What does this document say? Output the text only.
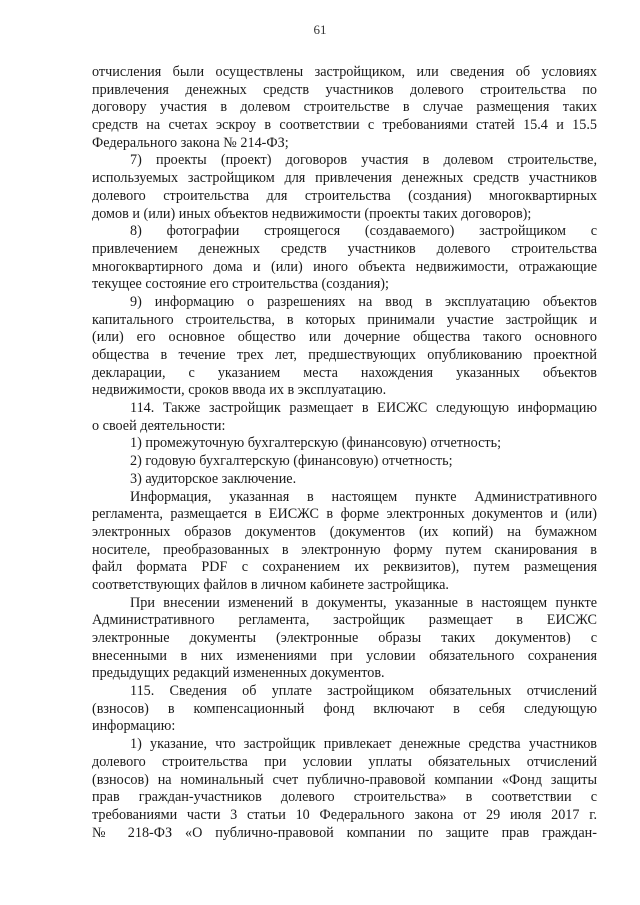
61
отчисления были осуществлены застройщиком, или сведения об условиях
привлечения денежных средств участников долевого строительства по
договору участия в долевом строительстве в случае размещения таких
средств на счетах эскроу в соответствии с требованиями статей 15.4 и 15.5
Федерального закона № 214-ФЗ;
7) проекты (проект) договоров участия в долевом строительстве,
используемых застройщиком для привлечения денежных средств участников
долевого строительства для строительства (создания) многоквартирных
домов и (или) иных объектов недвижимости (проекты таких договоров);
8) фотографии строящегося (создаваемого) застройщиком с
привлечением денежных средств участников долевого строительства
многоквартирного дома и (или) иного объекта недвижимости, отражающие
текущее состояние его строительства (создания);
9) информацию о разрешениях на ввод в эксплуатацию объектов
капитального строительства, в которых принимали участие застройщик и
(или) его основное общество или дочерние общества такого основного
общества в течение трех лет, предшествующих опубликованию проектной
декларации, с указанием места нахождения указанных объектов
недвижимости, сроков ввода их в эксплуатацию.
114. Также застройщик размещает в ЕИСЖС следующую информацию
о своей деятельности:
1) промежуточную бухгалтерскую (финансовую) отчетность;
2) годовую бухгалтерскую (финансовую) отчетность;
3) аудиторское заключение.
Информация, указанная в настоящем пункте Административного
регламента, размещается в ЕИСЖС в форме электронных документов и (или)
электронных образов документов (документов (их копий) на бумажном
носителе, преобразованных в электронную форму путем сканирования в
файл формата PDF с сохранением их реквизитов), путем размещения
соответствующих файлов в личном кабинете застройщика.
При внесении изменений в документы, указанные в настоящем пункте
Административного регламента, застройщик размещает в ЕИСЖС
электронные документы (электронные образы таких документов) с
внесенными в них изменениями при условии обязательного сохранения
предыдущих редакций измененных документов.
115. Сведения об уплате застройщиком обязательных отчислений
(взносов) в компенсационный фонд включают в себя следующую
информацию:
1) указание, что застройщик привлекает денежные средства участников
долевого строительства при условии уплаты обязательных отчислений
(взносов) на номинальный счет публично-правовой компании «Фонд защиты
прав граждан-участников долевого строительства» в соответствии с
требованиями части 3 статьи 10 Федерального закона от 29 июля 2017 г.
№ 218-ФЗ «О публично-правовой компании по защите прав граждан-
